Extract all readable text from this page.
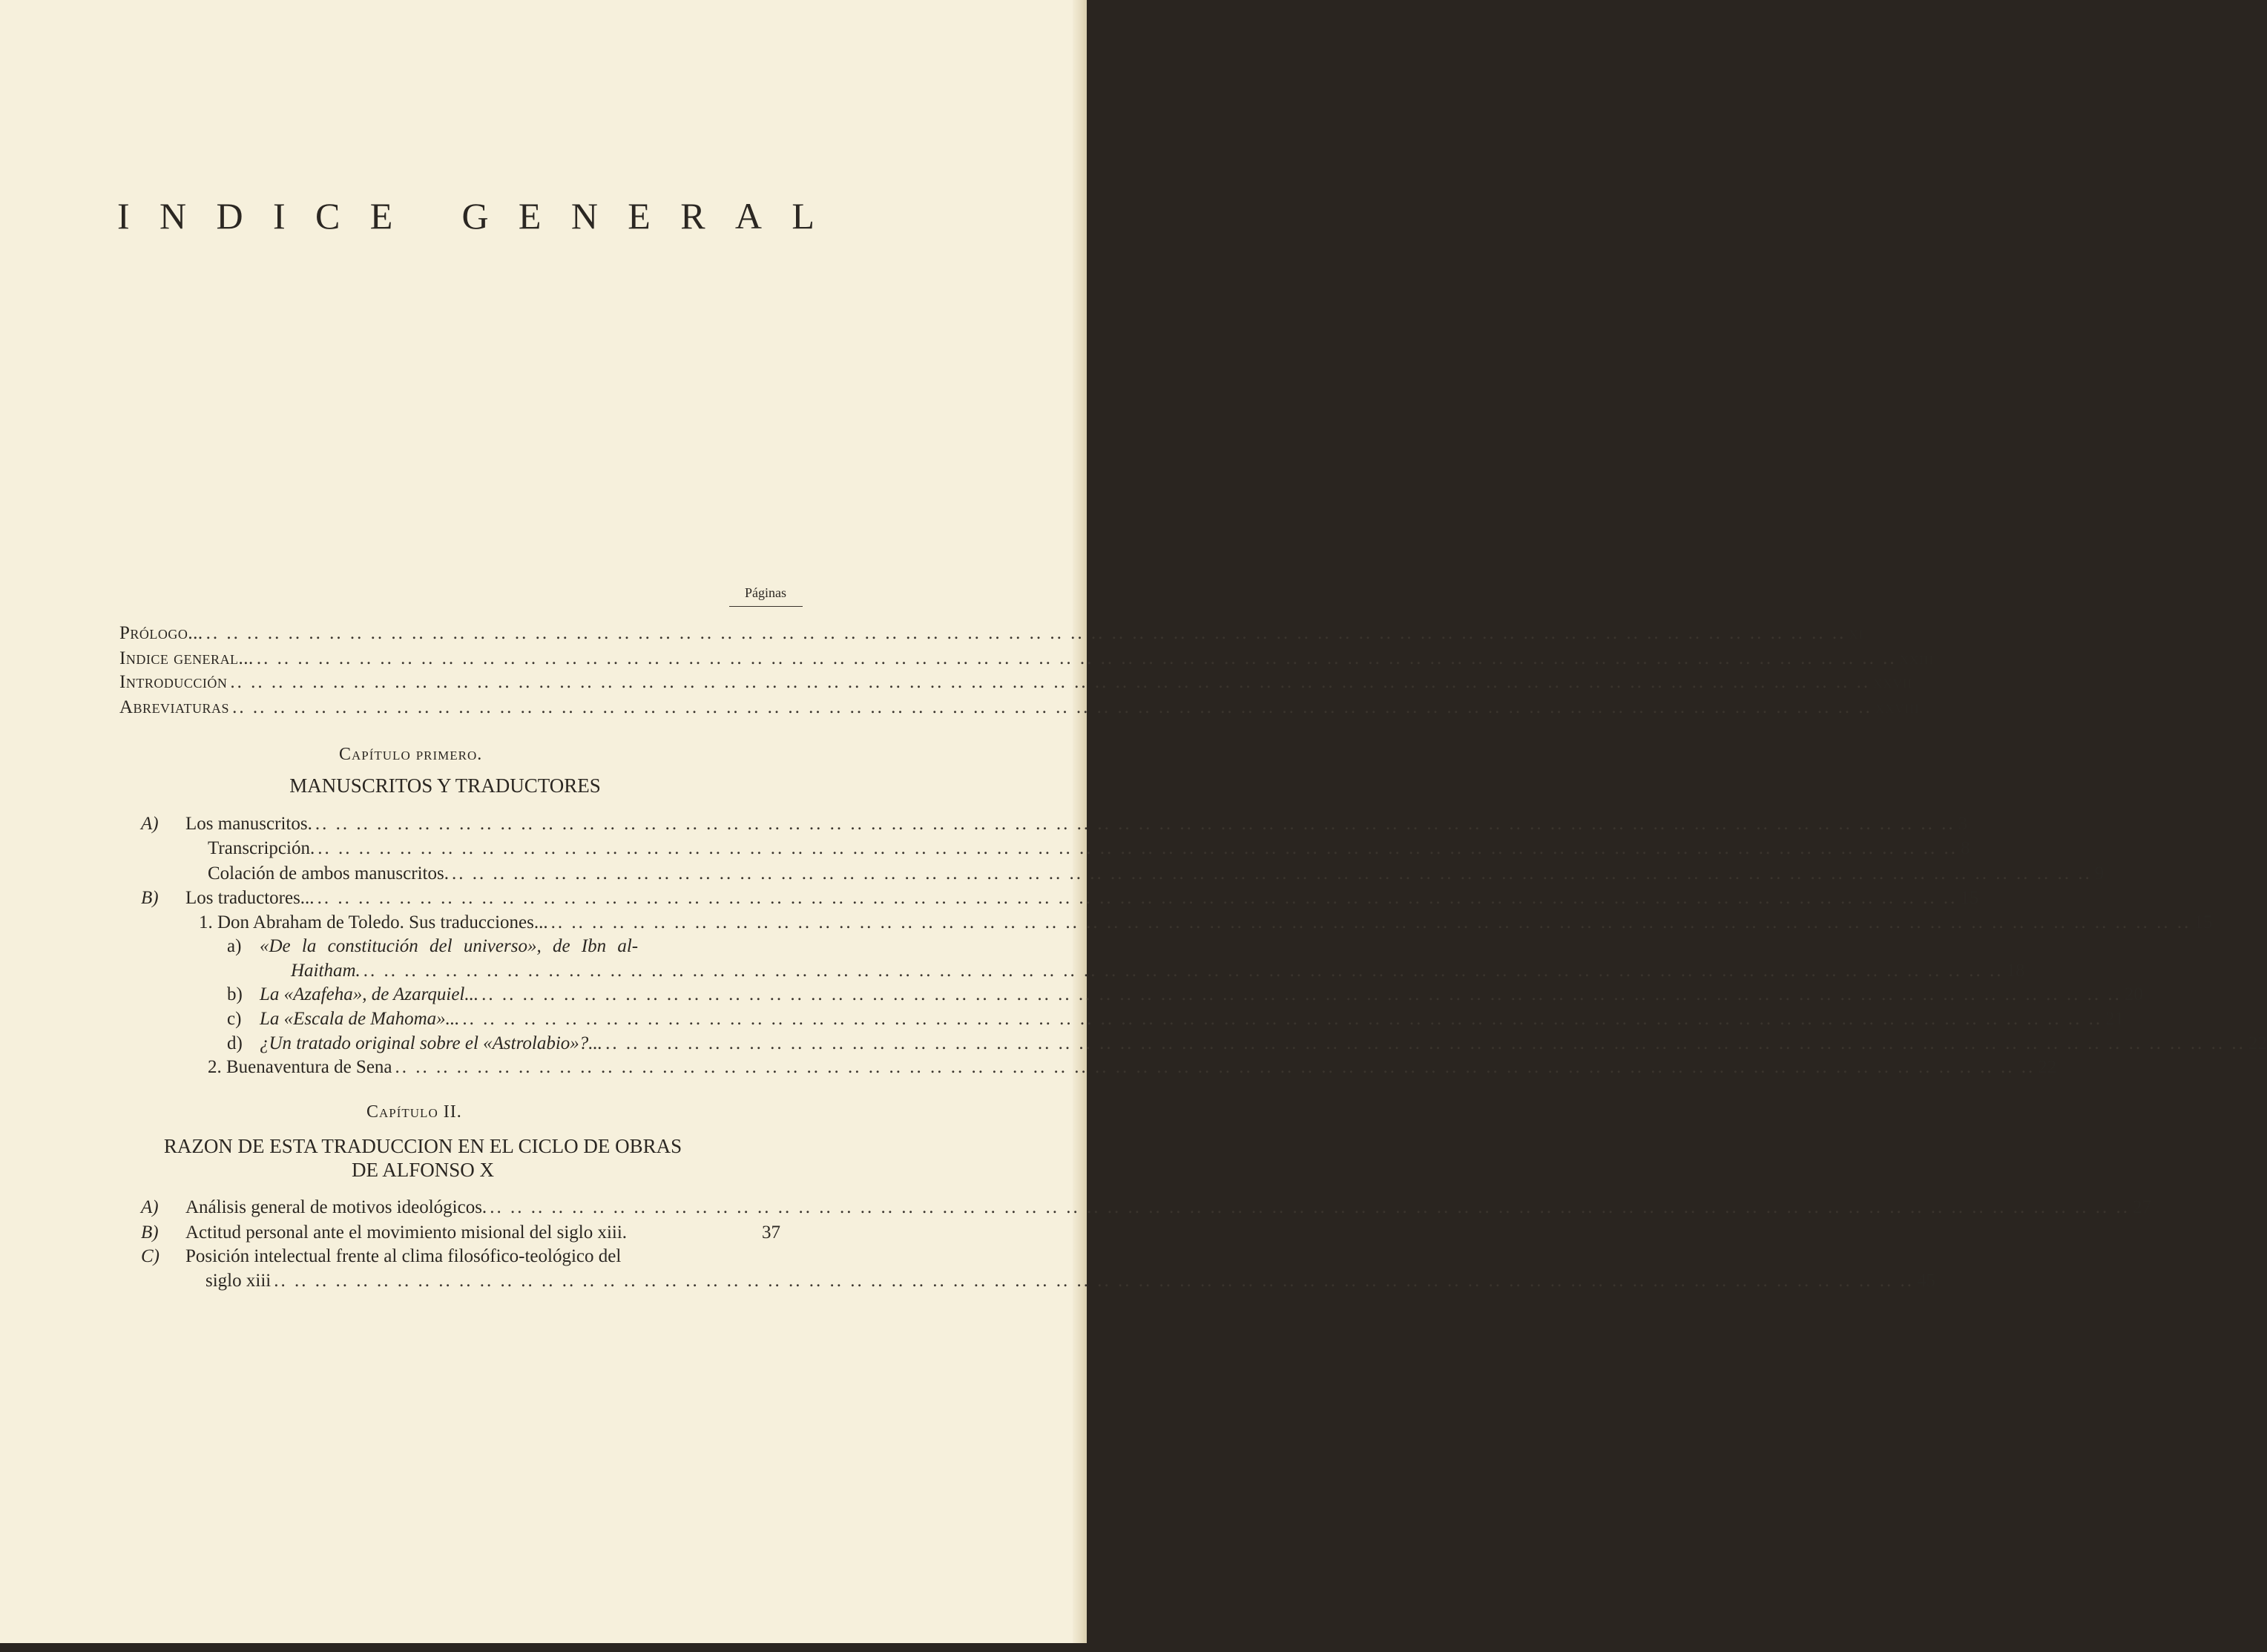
I N D I C E
G E N E R A L
Páginas
Prólogo... .. .. .. .. .. .. .. .. .. .. .. .. .. .. .. .. .. .. .. .. .. .. .. .. .. .. .. .. .. .. .. .. .. .. .. .. .. .. .. .. .. .. .. .. .. .. .. .. .. .. .. .. .. .. .. .. .. .. .. .. .. .. .. .. .. .. .. .. .. .. .. .. .. .. .. .. .. .. .. .. xi
Indice general... .. .. .. .. .. .. .. .. .. .. .. .. .. .. .. .. .. .. .. .. .. .. .. .. .. .. .. .. .. .. .. .. .. .. .. .. .. .. .. .. .. .. .. .. .. .. .. .. .. .. .. .. .. .. .. .. .. .. .. .. .. .. .. .. .. .. .. .. .. .. .. .. .. .. .. .. .. .. .. .. xxiii
Introducción .. .. .. .. .. .. .. .. .. .. .. .. .. .. .. .. .. .. .. .. .. .. .. .. .. .. .. .. .. .. .. .. .. .. .. .. .. .. .. .. .. .. .. .. .. .. .. .. .. .. .. .. .. .. .. .. .. .. .. .. .. .. .. .. .. .. .. .. .. .. .. .. .. .. .. .. .. .. .. .. xxvii
Abreviaturas .. .. .. .. .. .. .. .. .. .. .. .. .. .. .. .. .. .. .. .. .. .. .. .. .. .. .. .. .. .. .. .. .. .. .. .. .. .. .. .. .. .. .. .. .. .. .. .. .. .. .. .. .. .. .. .. .. .. .. .. .. .. .. .. .. .. .. .. .. .. .. .. .. .. .. .. .. .. .. .. xxviii
Capítulo primero.
MANUSCRITOS Y TRADUCTORES
A) Los manuscritos. .. .. .. .. .. .. .. .. .. .. .. .. .. .. .. .. .. .. .. .. .. .. .. .. .. .. .. .. .. .. .. .. .. .. .. .. .. .. .. .. .. .. .. .. .. .. .. .. .. .. .. .. .. .. .. .. .. .. .. .. .. .. .. .. .. .. .. .. .. .. .. .. .. .. .. .. .. .. .. .. 3
Transcripción. .. .. .. .. .. .. .. .. .. .. .. .. .. .. .. .. .. .. .. .. .. .. .. .. .. .. .. .. .. .. .. .. .. .. .. .. .. .. .. .. .. .. .. .. .. .. .. .. .. .. .. .. .. .. .. .. .. .. .. .. .. .. .. .. .. .. .. .. .. .. .. .. .. .. .. .. .. .. .. .. 8
Colación de ambos manuscritos. .. .. .. .. .. .. .. .. .. .. .. .. .. .. .. .. .. .. .. .. .. .. .. .. .. .. .. .. .. .. .. .. .. .. .. .. .. .. .. .. .. .. .. .. .. .. .. .. .. .. .. .. .. .. .. .. .. .. .. .. .. .. .. .. .. .. .. .. .. .. .. .. .. .. .. .. .. .. .. .. 9
B) Los traductores... .. .. .. .. .. .. .. .. .. .. .. .. .. .. .. .. .. .. .. .. .. .. .. .. .. .. .. .. .. .. .. .. .. .. .. .. .. .. .. .. .. .. .. .. .. .. .. .. .. .. .. .. .. .. .. .. .. .. .. .. .. .. .. .. .. .. .. .. .. .. .. .. .. .. .. .. .. .. .. .. 15
1. Don Abraham de Toledo. Sus traducciones... .. .. .. .. .. .. .. .. .. .. .. .. .. .. .. .. .. .. .. .. .. .. .. .. .. .. .. .. .. .. .. .. .. .. .. .. .. .. .. .. .. .. .. .. .. .. .. .. .. .. .. .. .. .. .. .. .. .. .. .. .. .. .. .. .. .. .. .. .. .. .. .. .. .. .. .. .. .. .. .. 15
a) «De la constitución del universo», de Ibn al-
Haitham. .. .. .. .. .. .. .. .. .. .. .. .. .. .. .. .. .. .. .. .. .. .. .. .. .. .. .. .. .. .. .. .. .. .. .. .. .. .. .. .. .. .. .. .. .. .. .. .. .. .. .. .. .. .. .. .. .. .. .. .. .. .. .. .. .. .. .. .. .. .. .. .. .. .. .. .. .. .. .. .. 18
b) La «Azafeha», de Azarquiel... .. .. .. .. .. .. .. .. .. .. .. .. .. .. .. .. .. .. .. .. .. .. .. .. .. .. .. .. .. .. .. .. .. .. .. .. .. .. .. .. .. .. .. .. .. .. .. .. .. .. .. .. .. .. .. .. .. .. .. .. .. .. .. .. .. .. .. .. .. .. .. .. .. .. .. .. .. .. .. .. 20
c) La «Escala de Mahoma»... .. .. .. .. .. .. .. .. .. .. .. .. .. .. .. .. .. .. .. .. .. .. .. .. .. .. .. .. .. .. .. .. .. .. .. .. .. .. .. .. .. .. .. .. .. .. .. .. .. .. .. .. .. .. .. .. .. .. .. .. .. .. .. .. .. .. .. .. .. .. .. .. .. .. .. .. .. .. .. .. 21
d) ¿Un tratado original sobre el «Astrolabio»?... .. .. .. .. .. .. .. .. .. .. .. .. .. .. .. .. .. .. .. .. .. .. .. .. .. .. .. .. .. .. .. .. .. .. .. .. .. .. .. .. .. .. .. .. .. .. .. .. .. .. .. .. .. .. .. .. .. .. .. .. .. .. .. .. .. .. .. .. .. .. .. .. .. .. .. .. .. .. .. .. 22
2. Buenaventura de Sena .. .. .. .. .. .. .. .. .. .. .. .. .. .. .. .. .. .. .. .. .. .. .. .. .. .. .. .. .. .. .. .. .. .. .. .. .. .. .. .. .. .. .. .. .. .. .. .. .. .. .. .. .. .. .. .. .. .. .. .. .. .. .. .. .. .. .. .. .. .. .. .. .. .. .. .. .. .. .. .. 22
Capítulo II.
RAZON DE ESTA TRADUCCION EN EL CICLO DE OBRAS
DE ALFONSO X
A) Análisis general de motivos ideológicos. .. .. .. .. .. .. .. .. .. .. .. .. .. .. .. .. .. .. .. .. .. .. .. .. .. .. .. .. .. .. .. .. .. .. .. .. .. .. .. .. .. .. .. .. .. .. .. .. .. .. .. .. .. .. .. .. .. .. .. .. .. .. .. .. .. .. .. .. .. .. .. .. .. .. .. .. .. .. .. .. 27
B) Actitud personal ante el movimiento misional del siglo xiii.	37
C) Posición intelectual frente al clima filosófico-teológico del
siglo xiii .. .. .. .. .. .. .. .. .. .. .. .. .. .. .. .. .. .. .. .. .. .. .. .. .. .. .. .. .. .. .. .. .. .. .. .. .. .. .. .. .. .. .. .. .. .. .. .. .. .. .. .. .. .. .. .. .. .. .. .. .. .. .. .. .. .. .. .. .. .. .. .. .. .. .. .. .. .. .. .. 45
